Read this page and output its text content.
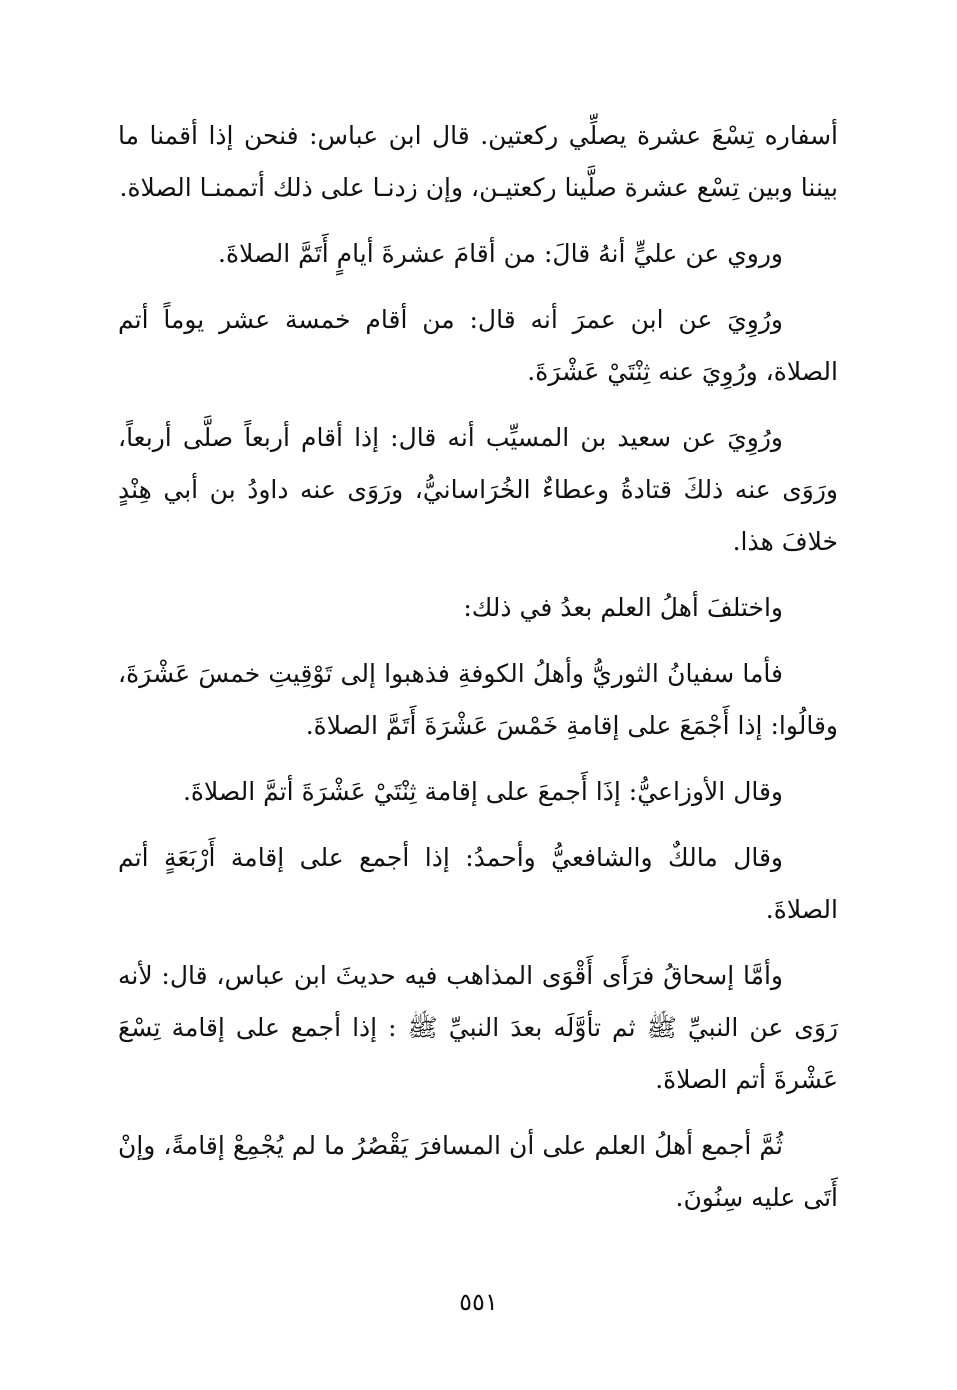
أسفاره تِسْعَ عشرة يصلِّي ركعتين. قال ابن عباس: فنحن إذا أقمنا ما بيننا وبين تِسْع عشرة صلَّينا ركعتيـن، وإن زدنـا على ذلك أتممنـا الصلاة.

وروي عن عليٍّ أنهُ قالَ: من أقامَ عشرةَ أيامٍ أَتَمَّ الصلاةَ.

ورُوِيَ عن ابن عمرَ أنه قال: من أقام خمسة عشر يوماً أتم الصلاة، ورُوِيَ عنه ثِنْتَيْ عَشْرَةَ.

ورُوِيَ عن سعيد بن المسيِّب أنه قال: إذا أقام أربعاً صلَّى أربعاً، ورَوَى عنه ذلكَ قتادةُ وعطاءٌ الخُرَاسانيُّ، ورَوَى عنه داودُ بن أبي هِنْدٍ خلافَ هذا.

واختلفَ أهلُ العلم بعدُ في ذلك:

فأما سفيانُ الثوريُّ وأهلُ الكوفةِ فذهبوا إلى تَوْقِيتِ خمسَ عَشْرَةَ، وقالُوا: إذا أَجْمَعَ على إقامةِ خَمْسَ عَشْرَةَ أَتَمَّ الصلاةَ.

وقال الأوزاعيُّ: إذَا أَجمعَ على إقامة ثِنْتَيْ عَشْرَةَ أتمَّ الصلاةَ.

وقال مالكٌ والشافعيُّ وأحمدُ: إذا أجمع على إقامة أَرْبَعَةٍ أتم الصلاةَ.

وأمَّا إسحاقُ فرَأَى أَقْوَى المذاهب فيه حديثَ ابن عباس، قال: لأنه رَوَى عن النبيِّ ﷺ ثم تأوَّلَه بعدَ النبيِّ ﷺ : إذا أجمع على إقامة تِسْعَ عَشْرةَ أتم الصلاةَ.

ثُمَّ أجمع أهلُ العلم على أن المسافرَ يَقْصُرُ ما لم يُجْمِعْ إقامةً، وإنْ أَتَى عليه سِنُونَ.

٥٥١
